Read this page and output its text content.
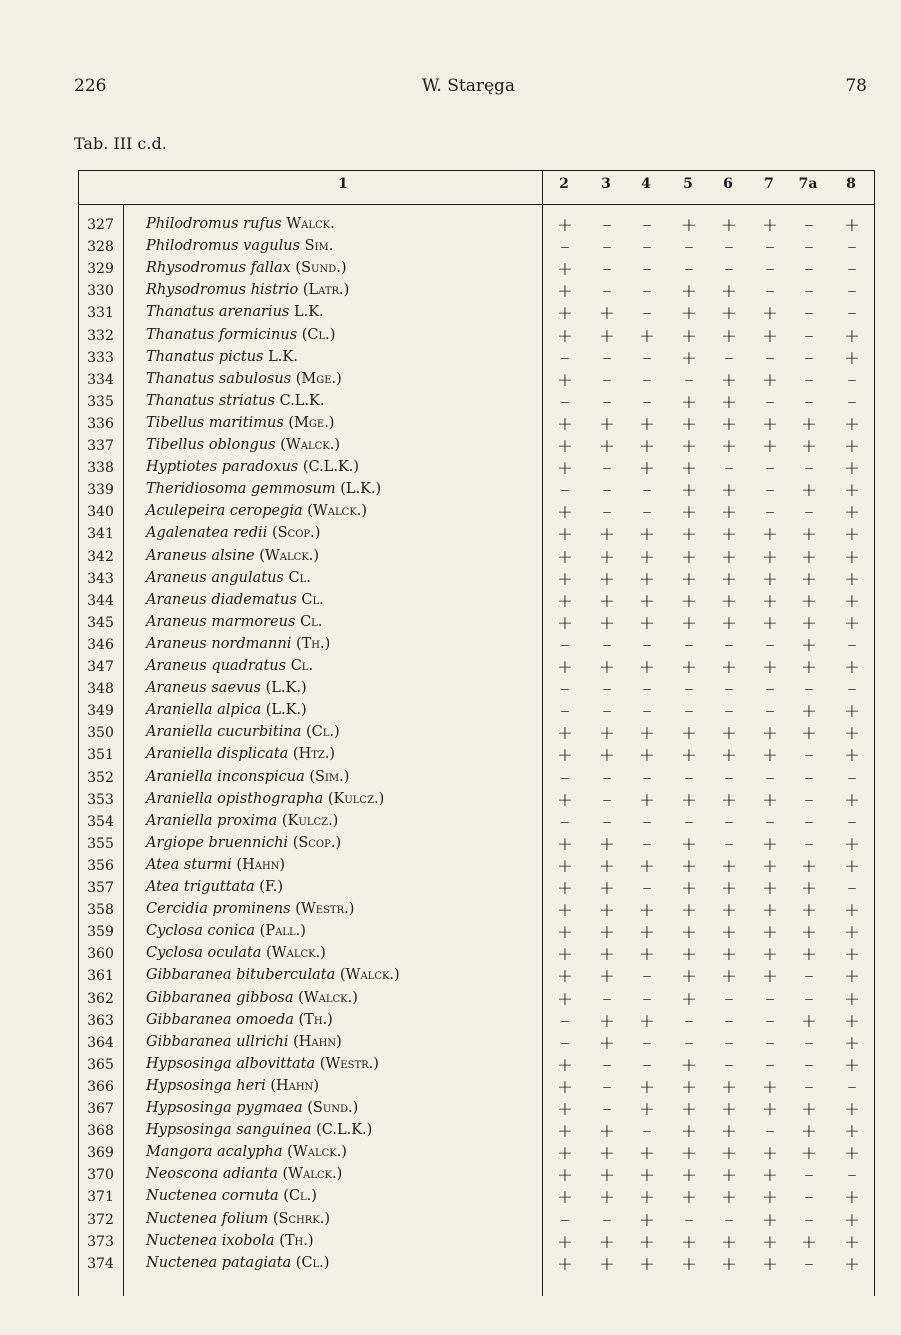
226	W. Staręga	78
Tab. III c.d.
1	2	3	4	5	6	7	7a	8
327	Philodromus rufus Walck.	+	–	–	+ + +	–	+
328	Philodromus vagulus Sim.	–	–	–	–	–	–	–	–
329	Rhysodromus fallax (Sund.)	+	–	–	–	–	–	–	–
330	Rhysodromus histrio (Latr.)	+	–	–	+ +	–	–	–
331	Thanatus arenarius L.K.	+ +	–	+ + +	–	–
332	Thanatus formicinus (Cl.)	+ + + + + +	–	+
333	Thanatus pictus L.K.	–	–	–	+	–	–	–	+
334	Thanatus sabulosus (Mge.)	+	–	–	–	+ +	–	–
335	Thanatus striatus C.L.K.	–	–	–	+ +	–	–	–
336	Tibellus maritimus (Mge.)	+ + + + + + + +
337	Tibellus oblongus (Walck.)	+ + + + + + + +
338	Hyptiotes paradoxus (C.L.K.)	+	–	+ +	–	–	–	+
339	Theridiosoma gemmosum (L.K.)	–	–	–	+ +	–	+ +
340	Aculepeira ceropegia (Walck.)	+	–	–	+ +	–	–	+
341	Agalenatea redii (Scop.)	+ + + + + + + +
342	Araneus alsine (Walck.)	+ + + + + + + +
343	Araneus angulatus Cl.	+ + + + + + + +
344	Araneus diadematus Cl.	+ + + + + + + +
345	Araneus marmoreus Cl.	+ + + + + + + +
346	Araneus nordmanni (Th.)	–	–	–	–	–	–	+	–
347	Araneus quadratus Cl.	+ + + + + + + +
348	Araneus saevus (L.K.)	–	–	–	–	–	–	–	–
349	Araniella alpica (L.K.)	–	–	–	–	–	–	+ +
350	Araniella cucurbitina (Cl.)	+ + + + + + + +
351	Araniella displicata (Htz.)	+ + + + + +	–	+
352	Araniella inconspicua (Sim.)	–	–	–	–	–	–	–	–
353	Araniella opisthographa (Kulcz.)	+	–	+ + + +	–	+
354	Araniella proxima (Kulcz.)	–	–	–	–	–	–	–	–
355	Argiope bruennichi (Scop.)	+ +	–	+	–	+	–	+
356	Atea sturmi (Hahn)	+ + + + + + + +
357	Atea triguttata (F.)	+ +	–	+ + + +	–
358	Cercidia prominens (Westr.)	+ + + + + + + +
359	Cyclosa conica (Pall.)	+ + + + + + + +
360	Cyclosa oculata (Walck.)	+ + + + + + + +
361	Gibbaranea bituberculata (Walck.)	+ +	–	+ + +	–	+
362	Gibbaranea gibbosa (Walck.)	+	–	–	+	–	–	–	+
363	Gibbaranea omoeda (Th.)	–	+ +	–	–	–	+ +
364	Gibbaranea ullrichi (Hahn)	–	+	–	–	–	–	–	+
365	Hypsosinga albovittata (Westr.)	+	–	–	+	–	–	–	+
366	Hypsosinga heri (Hahn)	+	–	+ + + +	–	–
367	Hypsosinga pygmaea (Sund.)	+	–	+ + + + + +
368	Hypsosinga sanguinea (C.L.K.)	+ +	–	+ +	–	+ +
369	Mangora acalypha (Walck.)	+ + + + + + + +
370	Neoscona adianta (Walck.)	+ + + + + +	–	–
371	Nuctenea cornuta (Cl.)	+ + + + + +	–	+
372	Nuctenea folium (Schrk.)	–	–	+	–	–	+	–	+
373	Nuctenea ixobola (Th.)	+ + + + + + + +
374	Nuctenea patagiata (Cl.)	+ + + + + +	–	+
